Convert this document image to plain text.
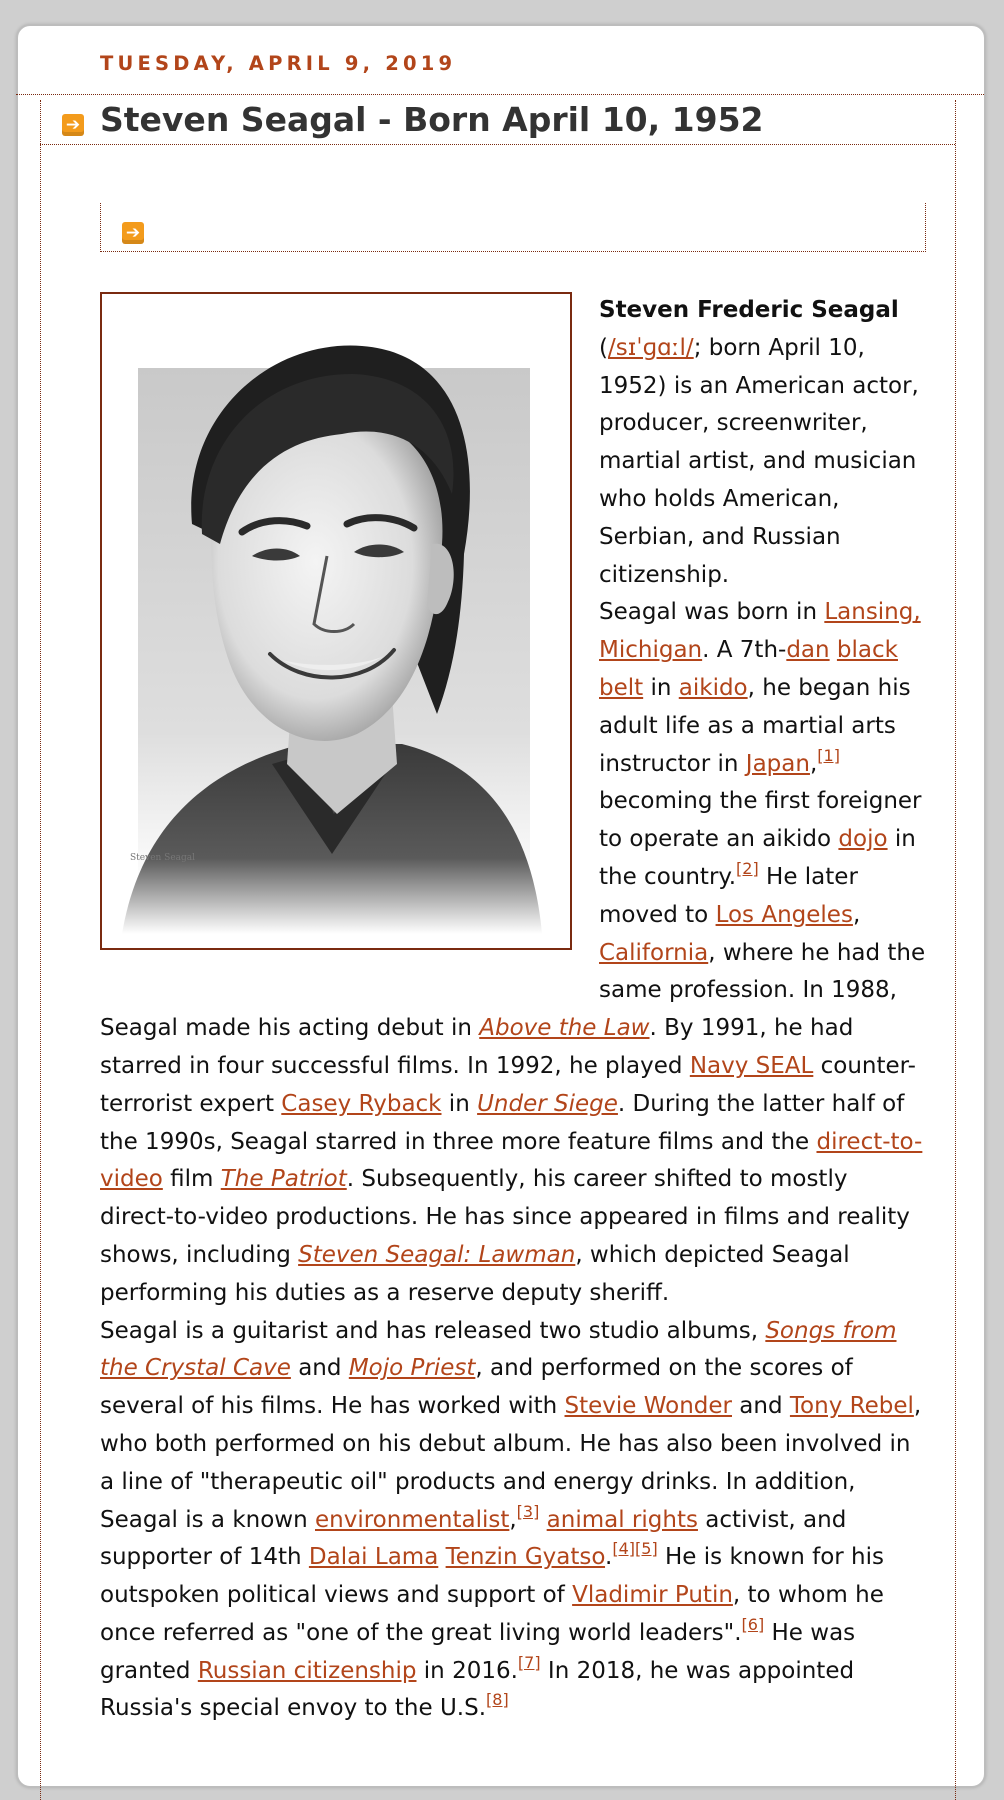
TUESDAY, APRIL 9, 2019
➔ Steven Seagal - Born April 10, 1952
➔
Steven Seagal

Steven Frederic Seagal (/sɪˈɡɑːl/; born April 10, 1952) is an American actor, producer, screenwriter, martial artist, and musician who holds American, Serbian, and Russian citizenship.

Seagal was born in Lansing, Michigan. A 7th-dan black belt in aikido, he began his adult life as a martial arts instructor in Japan,[1] becoming the first foreigner to operate an aikido dojo in the country.[2] He later moved to Los Angeles, California, where he had the same profession. In 1988, Seagal made his acting debut in Above the Law. By 1991, he had starred in four successful films. In 1992, he played Navy SEAL counter-terrorist expert Casey Ryback in Under Siege. During the latter half of the 1990s, Seagal starred in three more feature films and the direct-to-video film The Patriot. Subsequently, his career shifted to mostly direct-to-video productions. He has since appeared in films and reality shows, including Steven Seagal: Lawman, which depicted Seagal performing his duties as a reserve deputy sheriff.

Seagal is a guitarist and has released two studio albums, Songs from the Crystal Cave and Mojo Priest, and performed on the scores of several of his films. He has worked with Stevie Wonder and Tony Rebel, who both performed on his debut album. He has also been involved in a line of "therapeutic oil" products and energy drinks. In addition, Seagal is a known environmentalist,[3] animal rights activist, and supporter of 14th Dalai Lama Tenzin Gyatso.[4][5] He is known for his outspoken political views and support of Vladimir Putin, to whom he once referred as "one of the great living world leaders".[6] He was granted Russian citizenship in 2016.[7] In 2018, he was appointed Russia's special envoy to the U.S.[8]
